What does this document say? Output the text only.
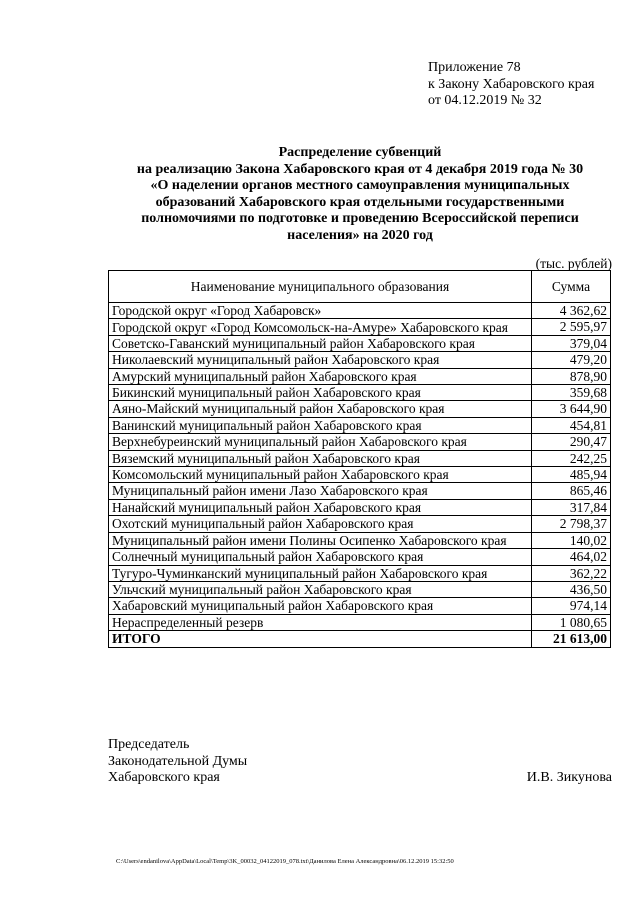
Приложение 78
к Закону Хабаровского края
от 04.12.2019 № 32
Распределение субвенций
на реализацию Закона Хабаровского края от 4 декабря 2019 года № 30
«О наделении органов местного самоуправления муниципальных
образований Хабаровского края отдельными государственными
полномочиями по подготовке и проведению Всероссийской переписи
населения» на 2020 год
(тыс. рублей)
Наименование муниципального образования	Сумма
Городской округ «Город Хабаровск»	4 362,62
Городской округ «Город Комсомольск-на-Амуре» Хабаровского края	2 595,97
Советско-Гаванский муниципальный район Хабаровского края	379,04
Николаевский муниципальный район Хабаровского края	479,20
Амурский муниципальный район Хабаровского края	878,90
Бикинский муниципальный район Хабаровского края	359,68
Аяно-Майский муниципальный район Хабаровского края	3 644,90
Ванинский муниципальный район Хабаровского края	454,81
Верхнебуреинский муниципальный район Хабаровского края	290,47
Вяземский муниципальный район Хабаровского края	242,25
Комсомольский муниципальный район Хабаровского края	485,94
Муниципальный район имени Лазо Хабаровского края	865,46
Нанайский муниципальный район Хабаровского края	317,84
Охотский муниципальный район Хабаровского края	2 798,37
Муниципальный район имени Полины Осипенко Хабаровского края	140,02
Солнечный муниципальный район Хабаровского края	464,02
Тугуро-Чуминканский муниципальный район Хабаровского края	362,22
Ульчский муниципальный район Хабаровского края	436,50
Хабаровский муниципальный район Хабаровского края	974,14
Нераспределенный резерв	1 080,65
ИТОГО	21 613,00
Председатель
Законодательной Думы
Хабаровского края	И.В. Зикунова
C:\Users\endanilova\AppData\Local\Temp\3K_00032_04122019_078.txt\Данилова Елена Александровна\06.12.2019 15:32:50
